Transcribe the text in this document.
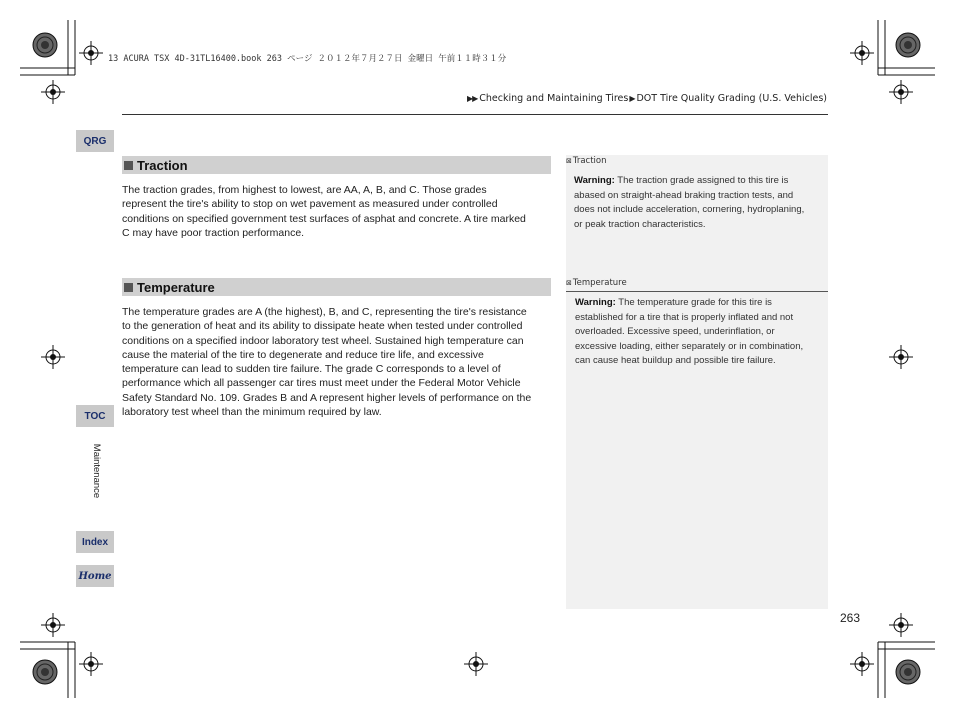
13 ACURA TSX 4D-31TL16400.book 263 ページ ２０１２年７月２７日 金曜日 午前１１時３１分
▶▶ Checking and Maintaining Tires▶DOT Tire Quality Grading (U.S. Vehicles)
QRG
TOC
Maintenance
Index
Home
Traction
The traction grades, from highest to lowest, are AA, A, B, and C. Those grades represent the tire's ability to stop on wet pavement as measured under controlled conditions on specified government test surfaces of asphat and concrete. A tire marked C may have poor traction performance.
⊠Traction
Warning: The traction grade assigned to this tire is abased on straight-ahead braking traction tests, and does not include acceleration, cornering, hydroplaning, or peak traction characteristics.
Temperature
The temperature grades are A (the highest), B, and C, representing the tire's resistance to the generation of heat and its ability to dissipate heate when tested under controlled conditions on a specified indoor laboratory test wheel. Sustained high temperature can cause the material of the tire to degenerate and reduce tire life, and excessive temperature can lead to sudden tire failure. The grade C corresponds to a level of performance which all passenger car tires must meet under the Federal Motor Vehicle Safety Standard No. 109. Grades B and A represent higher levels of performance on the laboratory test wheel than the minimum required by law.
⊠Temperature
Warning: The temperature grade for this tire is established for a tire that is properly inflated and not overloaded. Excessive speed, underinflation, or excessive loading, either separately or in combination, can cause heat buildup and possible tire failure.
263
